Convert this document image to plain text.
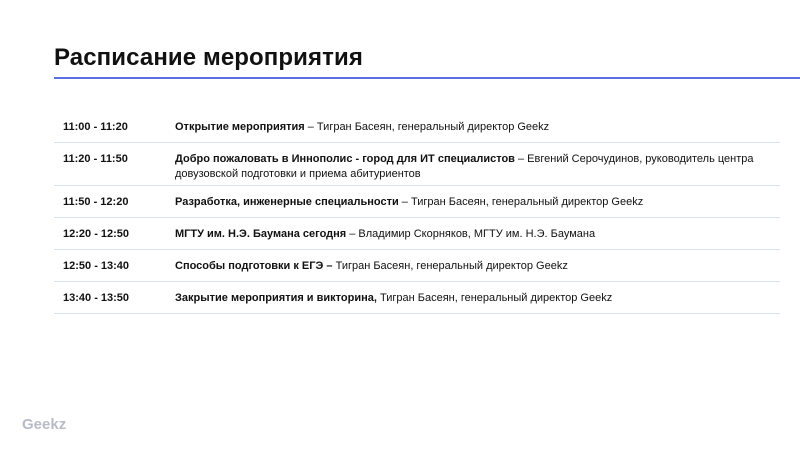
Расписание мероприятия
11:00 - 11:20	Открытие мероприятия – Тигран Басеян, генеральный директор Geekz
11:20 - 11:50	Добро пожаловать в Иннополис - город для ИТ специалистов – Евгений Серочудинов, руководитель центра довузовской подготовки и приема абитуриентов
11:50 - 12:20	Разработка, инженерные специальности – Тигран Басеян, генеральный директор Geekz
12:20 - 12:50	МГТУ им. Н.Э. Баумана сегодня – Владимир Скорняков, МГТУ им. Н.Э. Баумана
12:50 - 13:40	Способы подготовки к ЕГЭ – Тигран Басеян, генеральный директор Geekz
13:40 - 13:50	Закрытие мероприятия и викторина, Тигран Басеян, генеральный директор Geekz
Geekz
